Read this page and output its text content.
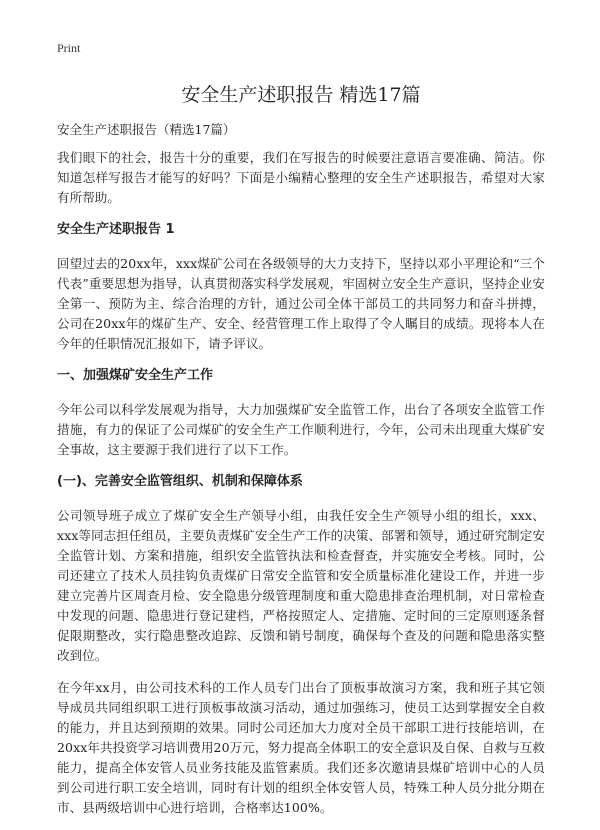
Print
安全生产述职报告 精选17篇
安全生产述职报告（精选17篇）

我们眼下的社会，报告十分的重要，我们在写报告的时候要注意语言要准确、简洁。你知道怎样写报告才能写的好吗？下面是小编精心整理的安全生产述职报告，希望对大家有所帮助。

安全生产述职报告 1

回望过去的20xx年，xxx煤矿公司在各级领导的大力支持下，坚持以邓小平理论和“三个代表”重要思想为指导，认真贯彻落实科学发展观，牢固树立安全生产意识，坚持企业安全第一、预防为主、综合治理的方针，通过公司全体干部员工的共同努力和奋斗拼搏，公司在20xx年的煤矿生产、安全、经营管理工作上取得了令人瞩目的成绩。现将本人在今年的任职情况汇报如下，请予评议。

一、加强煤矿安全生产工作

今年公司以科学发展观为指导，大力加强煤矿安全监管工作，出台了各项安全监管工作措施，有力的保证了公司煤矿的安全生产工作顺利进行，今年，公司未出现重大煤矿安全事故，这主要源于我们进行了以下工作。

(一)、完善安全监管组织、机制和保障体系

公司领导班子成立了煤矿安全生产领导小组，由我任安全生产领导小组的组长，xxx、xxx等同志担任组员，主要负责煤矿安全生产工作的决策、部署和领导，通过研究制定安全监管计划、方案和措施，组织安全监管执法和检查督查，并实施安全考核。同时，公司还建立了技术人员挂钩负责煤矿日常安全监管和安全质量标准化建设工作，并进一步建立完善片区周查月检、安全隐患分级管理制度和重大隐患排查治理机制，对日常检查中发现的问题、隐患进行登记建档，严格按照定人、定措施、定时间的三定原则逐条督促限期整改，实行隐患整改追踪、反馈和销号制度，确保每个查及的问题和隐患落实整改到位。

在今年xx月，由公司技术科的工作人员专门出台了顶板事故演习方案，我和班子其它领导成员共同组织职工进行顶板事故演习活动，通过加强练习，使员工达到掌握安全自救的能力，并且达到预期的效果。同时公司还加大力度对全员干部职工进行技能培训，在20xx年共投资学习培训费用20万元，努力提高全体职工的安全意识及自保、自救与互救能力，提高全体安管人员业务技能及监管素质。我们还多次邀请县煤矿培训中心的人员到公司进行职工安全培训，同时有计划的组织全体安管人员，特殊工种人员分批分期在市、县两级培训中心进行培训，合格率达100%。
